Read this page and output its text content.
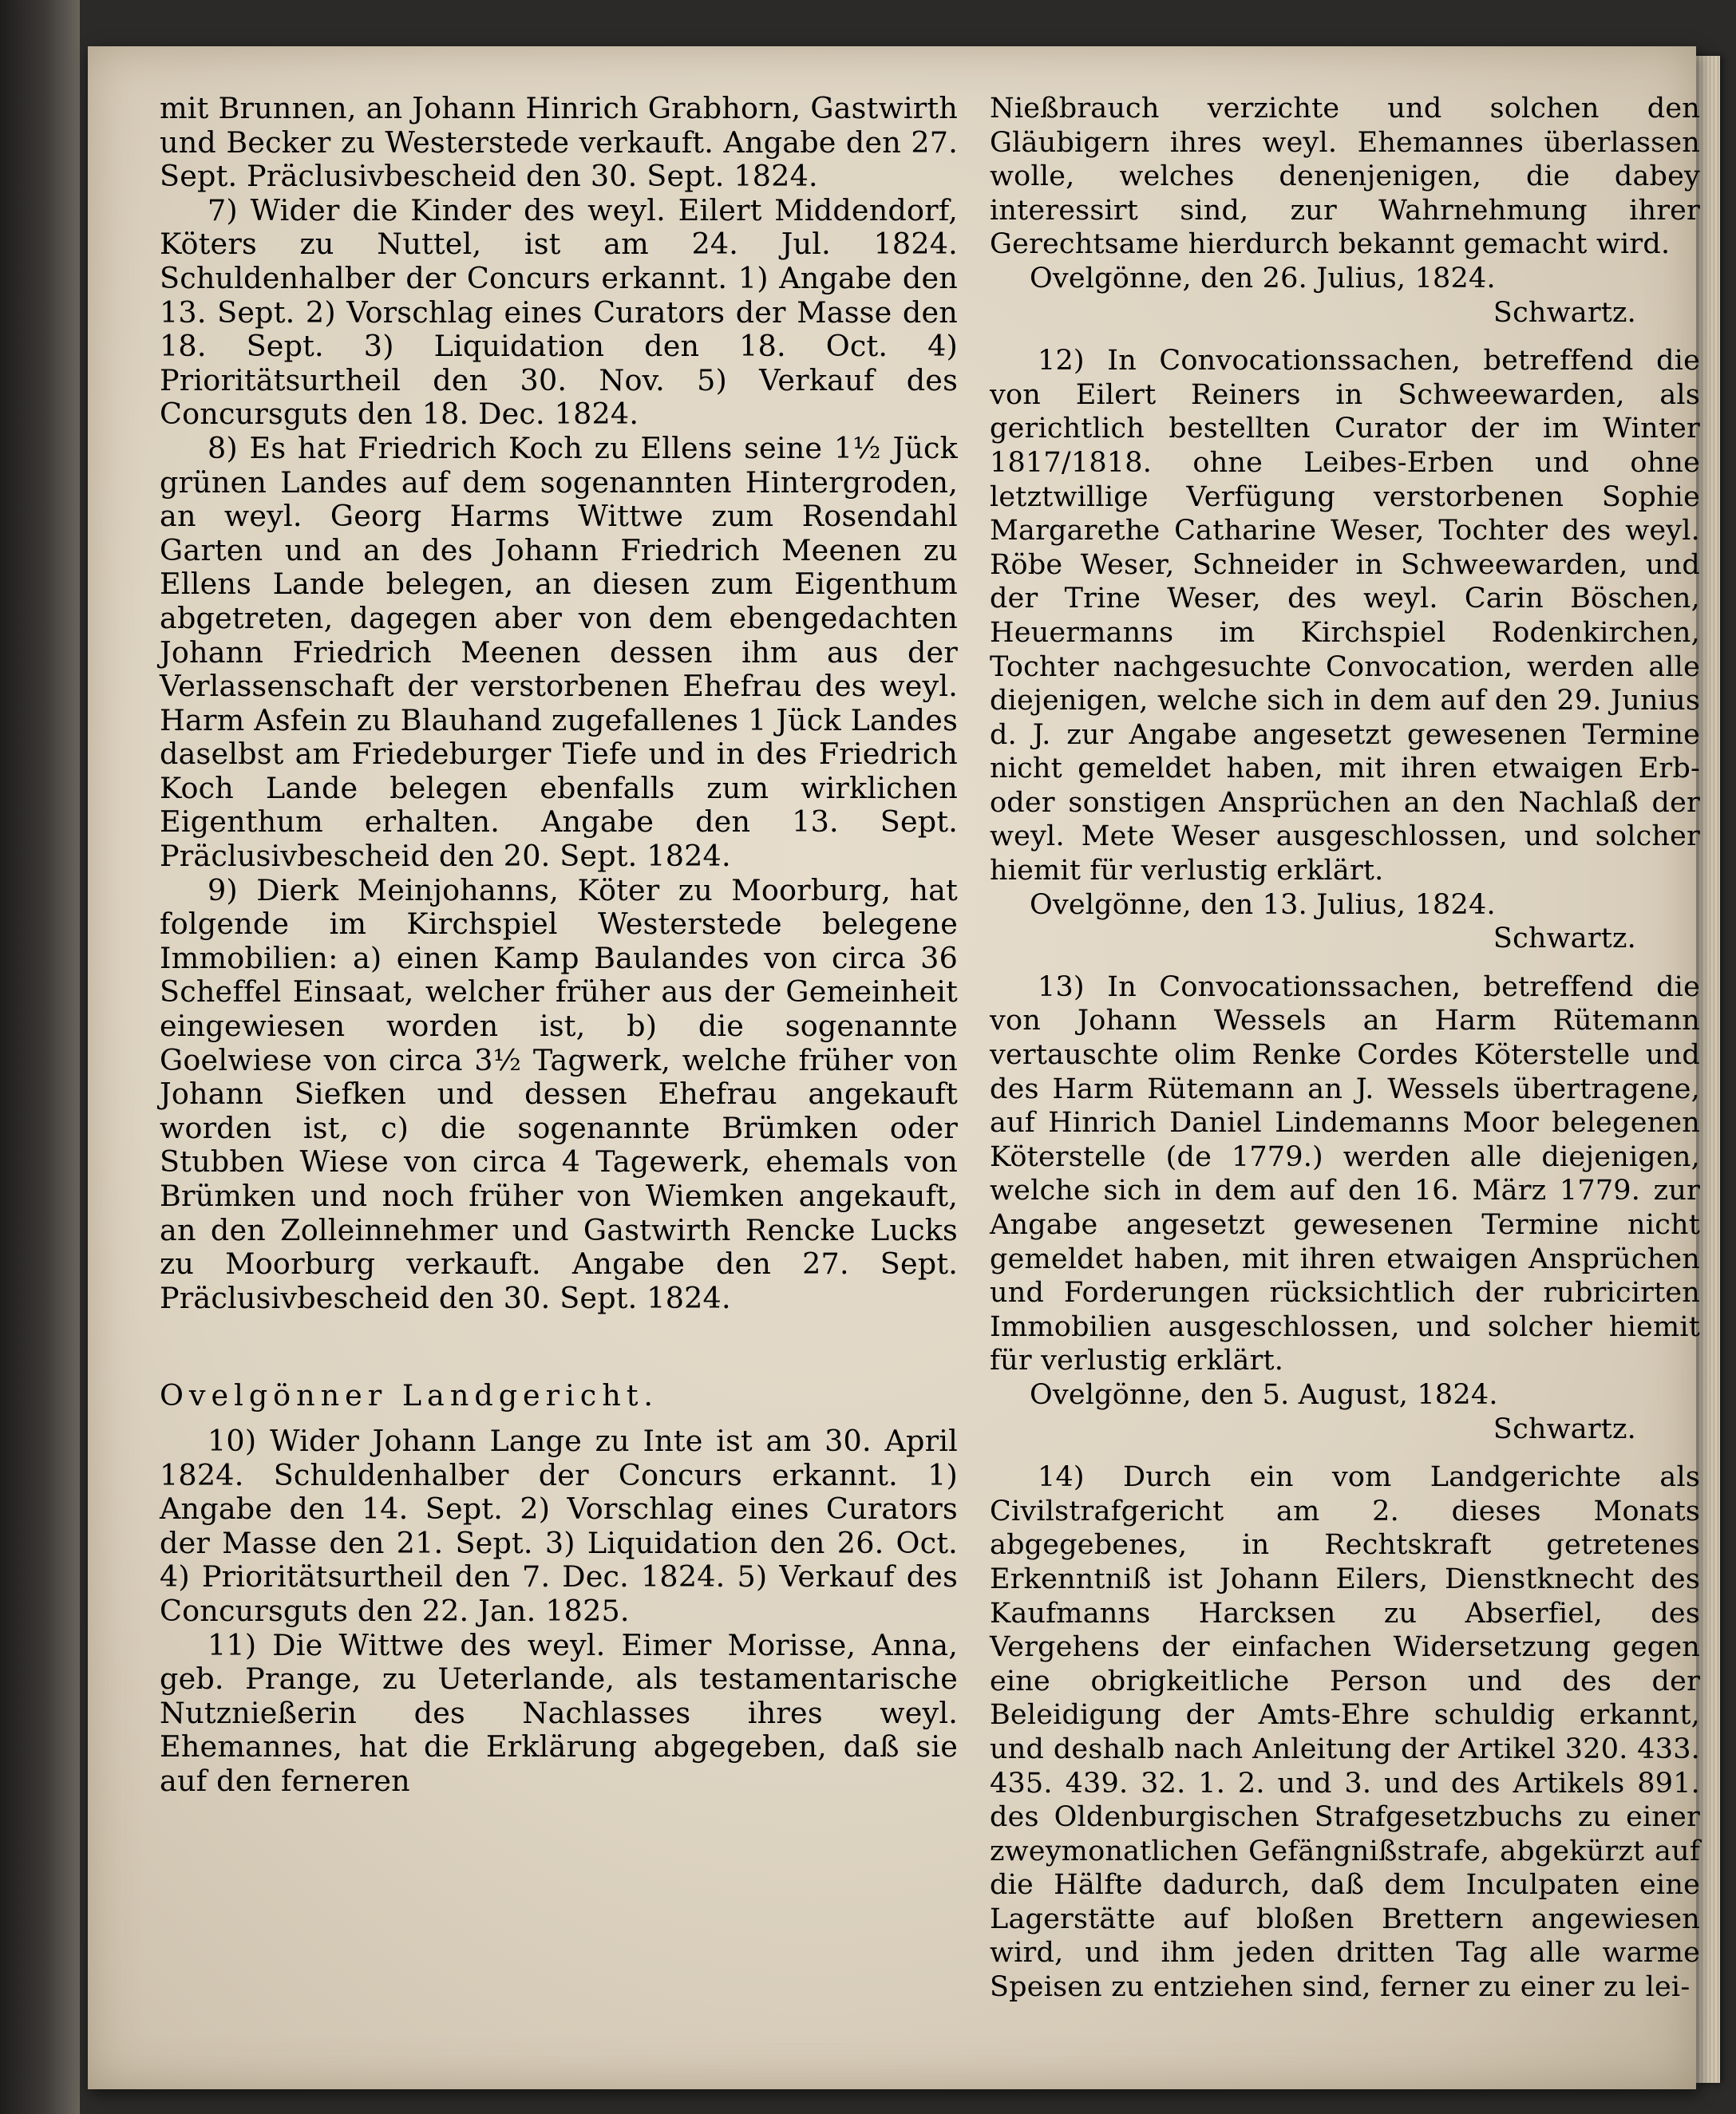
mit Brunnen, an Johann Hinrich Grabhorn, Gastwirth und Becker zu Westerstede verkauft. Angabe den 27. Sept. Präclusivbescheid den 30. Sept. 1824.

7) Wider die Kinder des weyl. Eilert Middendorf, Köters zu Nuttel, ist am 24. Jul. 1824. Schuldenhalber der Concurs erkannt. 1) Angabe den 13. Sept. 2) Vorschlag eines Curators der Masse den 18. Sept. 3) Liquidation den 18. Oct. 4) Prioritätsurtheil den 30. Nov. 5) Verkauf des Concursguts den 18. Dec. 1824.

8) Es hat Friedrich Koch zu Ellens seine 1½ Jück grünen Landes auf dem sogenannten Hintergroden, an weyl. Georg Harms Wittwe zum Rosendahl Garten und an des Johann Friedrich Meenen zu Ellens Lande belegen, an diesen zum Eigenthum abgetreten, dagegen aber von dem ebengedachten Johann Friedrich Meenen dessen ihm aus der Verlassenschaft der verstorbenen Ehefrau des weyl. Harm Asfein zu Blauhand zugefallenes 1 Jück Landes daselbst am Friedeburger Tiefe und in des Friedrich Koch Lande belegen ebenfalls zum wirklichen Eigenthum erhalten. Angabe den 13. Sept. Präclusivbescheid den 20. Sept. 1824.

9) Dierk Meinjohanns, Köter zu Moorburg, hat folgende im Kirchspiel Westerstede belegene Immobilien: a) einen Kamp Baulandes von circa 36 Scheffel Einsaat, welcher früher aus der Gemeinheit eingewiesen worden ist, b) die sogenannte Goelwiese von circa 3½ Tagwerk, welche früher von Johann Siefken und dessen Ehefrau angekauft worden ist, c) die sogenannte Brümken oder Stubben Wiese von circa 4 Tagewerk, ehemals von Brümken und noch früher von Wiemken angekauft, an den Zolleinnehmer und Gastwirth Rencke Lucks zu Moorburg verkauft. Angabe den 27. Sept. Präclusivbescheid den 30. Sept. 1824.

Ovelgönner Landgericht.

10) Wider Johann Lange zu Inte ist am 30. April 1824. Schuldenhalber der Concurs erkannt. 1) Angabe den 14. Sept. 2) Vorschlag eines Curators der Masse den 21. Sept. 3) Liquidation den 26. Oct. 4) Prioritätsurtheil den 7. Dec. 1824. 5) Verkauf des Concursguts den 22. Jan. 1825.

11) Die Wittwe des weyl. Eimer Morisse, Anna, geb. Prange, zu Ueterlande, als testamentarische Nutznießerin des Nachlasses ihres weyl. Ehemannes, hat die Erklärung abgegeben, daß sie auf den ferneren

Nießbrauch verzichte und solchen den Gläubigern ihres weyl. Ehemannes überlassen wolle, welches denenjenigen, die dabey interessirt sind, zur Wahrnehmung ihrer Gerechtsame hierdurch bekannt gemacht wird.

Ovelgönne, den 26. Julius, 1824.

Schwartz.

12) In Convocationssachen, betreffend die von Eilert Reiners in Schweewarden, als gerichtlich bestellten Curator der im Winter 1817/1818. ohne Leibes-Erben und ohne letztwillige Verfügung verstorbenen Sophie Margarethe Catharine Weser, Tochter des weyl. Röbe Weser, Schneider in Schweewarden, und der Trine Weser, des weyl. Carin Böschen, Heuermanns im Kirchspiel Rodenkirchen, Tochter nachgesuchte Convocation, werden alle diejenigen, welche sich in dem auf den 29. Junius d. J. zur Angabe angesetzt gewesenen Termine nicht gemeldet haben, mit ihren etwaigen Erb- oder sonstigen Ansprüchen an den Nachlaß der weyl. Mete Weser ausgeschlossen, und solcher hiemit für verlustig erklärt.

Ovelgönne, den 13. Julius, 1824.

Schwartz.

13) In Convocationssachen, betreffend die von Johann Wessels an Harm Rütemann vertauschte olim Renke Cordes Köterstelle und des Harm Rütemann an J. Wessels übertragene, auf Hinrich Daniel Lindemanns Moor belegenen Köterstelle (de 1779.) werden alle diejenigen, welche sich in dem auf den 16. März 1779. zur Angabe angesetzt gewesenen Termine nicht gemeldet haben, mit ihren etwaigen Ansprüchen und Forderungen rücksichtlich der rubricirten Immobilien ausgeschlossen, und solcher hiemit für verlustig erklärt.

Ovelgönne, den 5. August, 1824.

Schwartz.

14) Durch ein vom Landgerichte als Civilstrafgericht am 2. dieses Monats abgegebenes, in Rechtskraft getretenes Erkenntniß ist Johann Eilers, Dienstknecht des Kaufmanns Harcksen zu Abserfiel, des Vergehens der einfachen Widersetzung gegen eine obrigkeitliche Person und des der Beleidigung der Amts-Ehre schuldig erkannt, und deshalb nach Anleitung der Artikel 320. 433. 435. 439. 32. 1. 2. und 3. und des Artikels 891. des Oldenburgischen Strafgesetzbuchs zu einer zweymonatlichen Gefängnißstrafe, abgekürzt auf die Hälfte dadurch, daß dem Inculpaten eine Lagerstätte auf bloßen Brettern angewiesen wird, und ihm jeden dritten Tag alle warme Speisen zu entziehen sind, ferner zu einer zu lei-
